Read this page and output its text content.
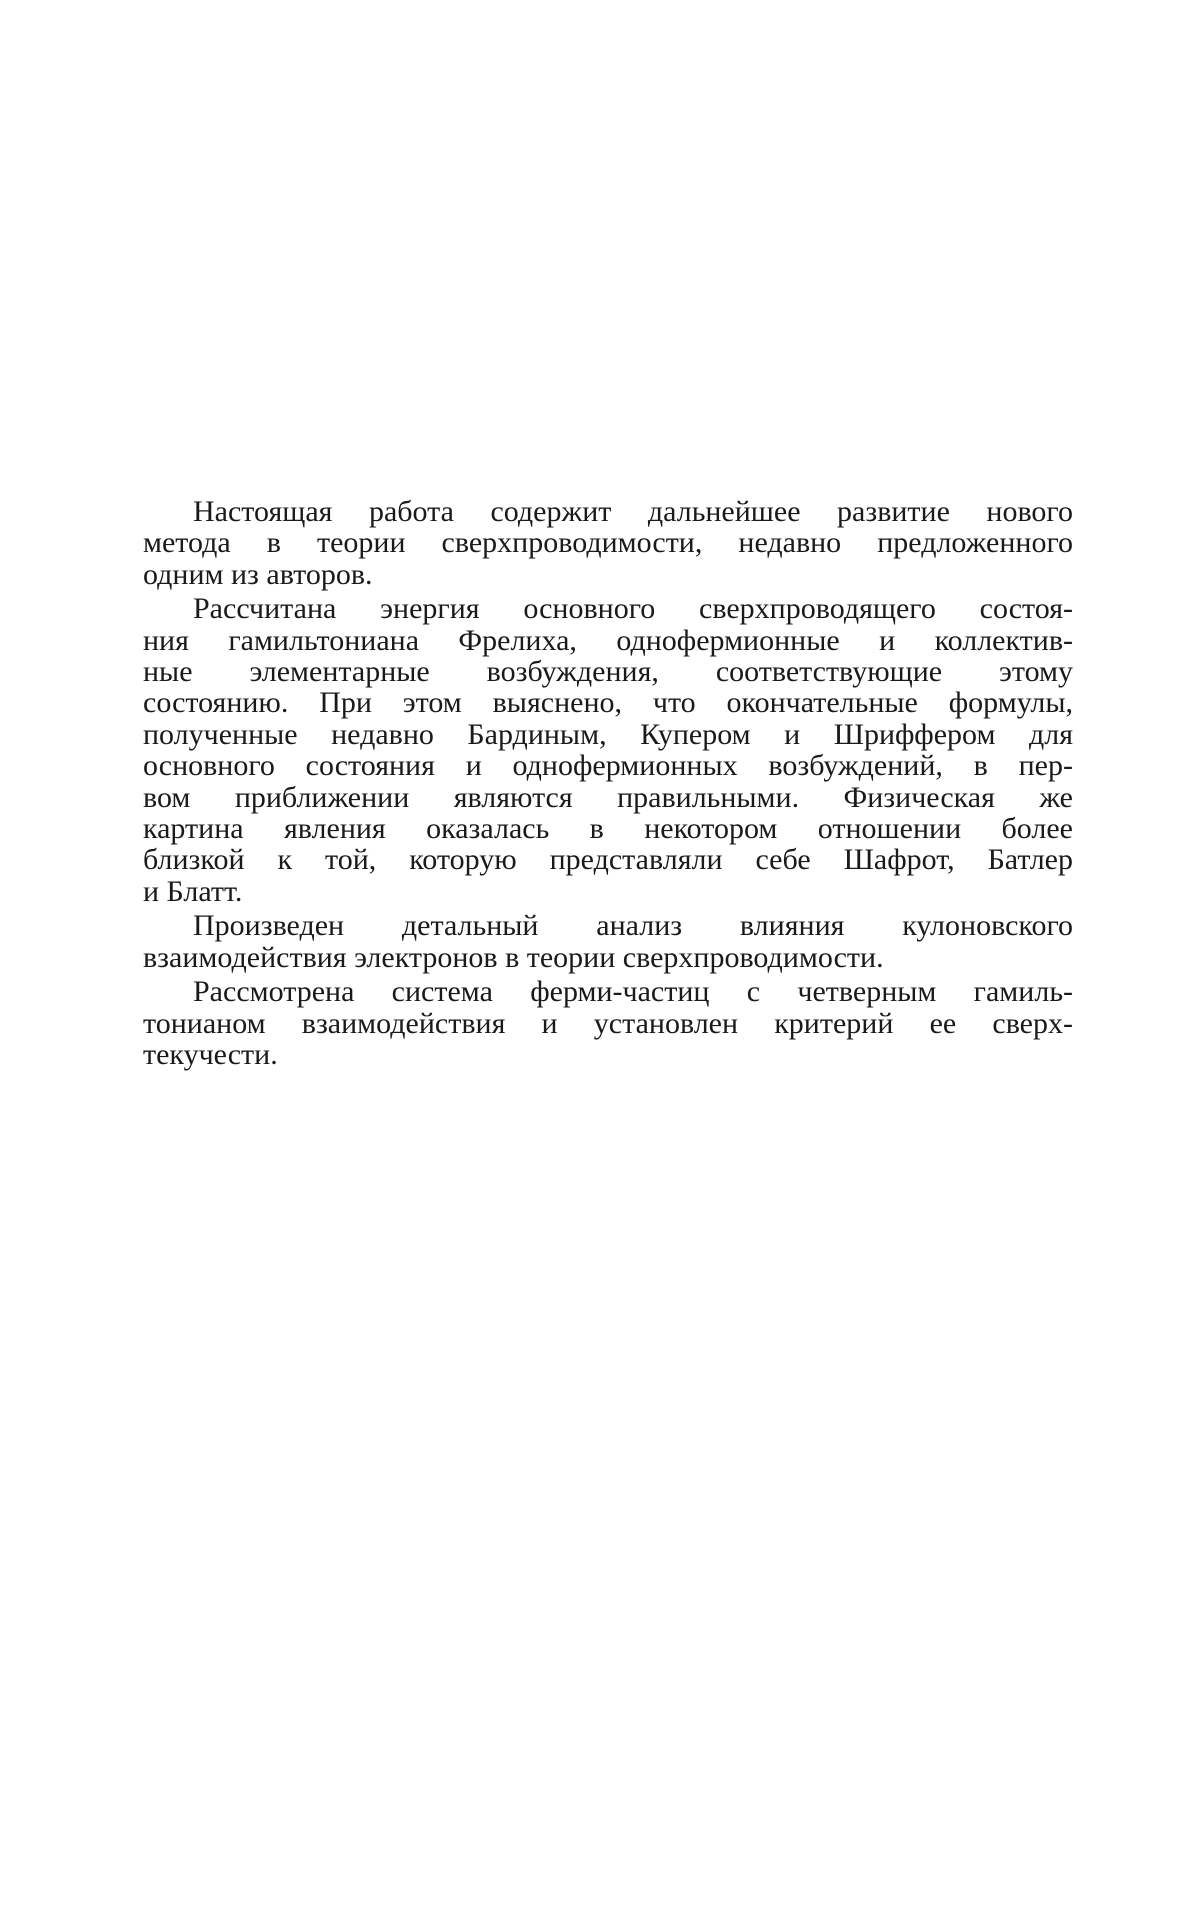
Настоящая работа содержит дальнейшее развитие нового
метода в теории сверхпроводимости, недавно предложенного
одним из авторов.

Рассчитана энергия основного сверхпроводящего состоя-
ния гамильтониана Фрелиха, однофермионные и коллектив-
ные элементарные возбуждения, соответствующие этому
состоянию. При этом выяснено, что окончательные формулы,
полученные недавно Бардиным, Купером и Шриффером для
основного состояния и однофермионных возбуждений, в пер-
вом приближении являются правильными. Физическая же
картина явления оказалась в некотором отношении более
близкой к той, которую представляли себе Шафрот, Батлер
и Блатт.

Произведен детальный анализ влияния кулоновского
взаимодействия электронов в теории сверхпроводимости.

Рассмотрена система ферми-частиц с четверным гамиль-
тонианом взаимодействия и установлен критерий ее сверх-
текучести.
